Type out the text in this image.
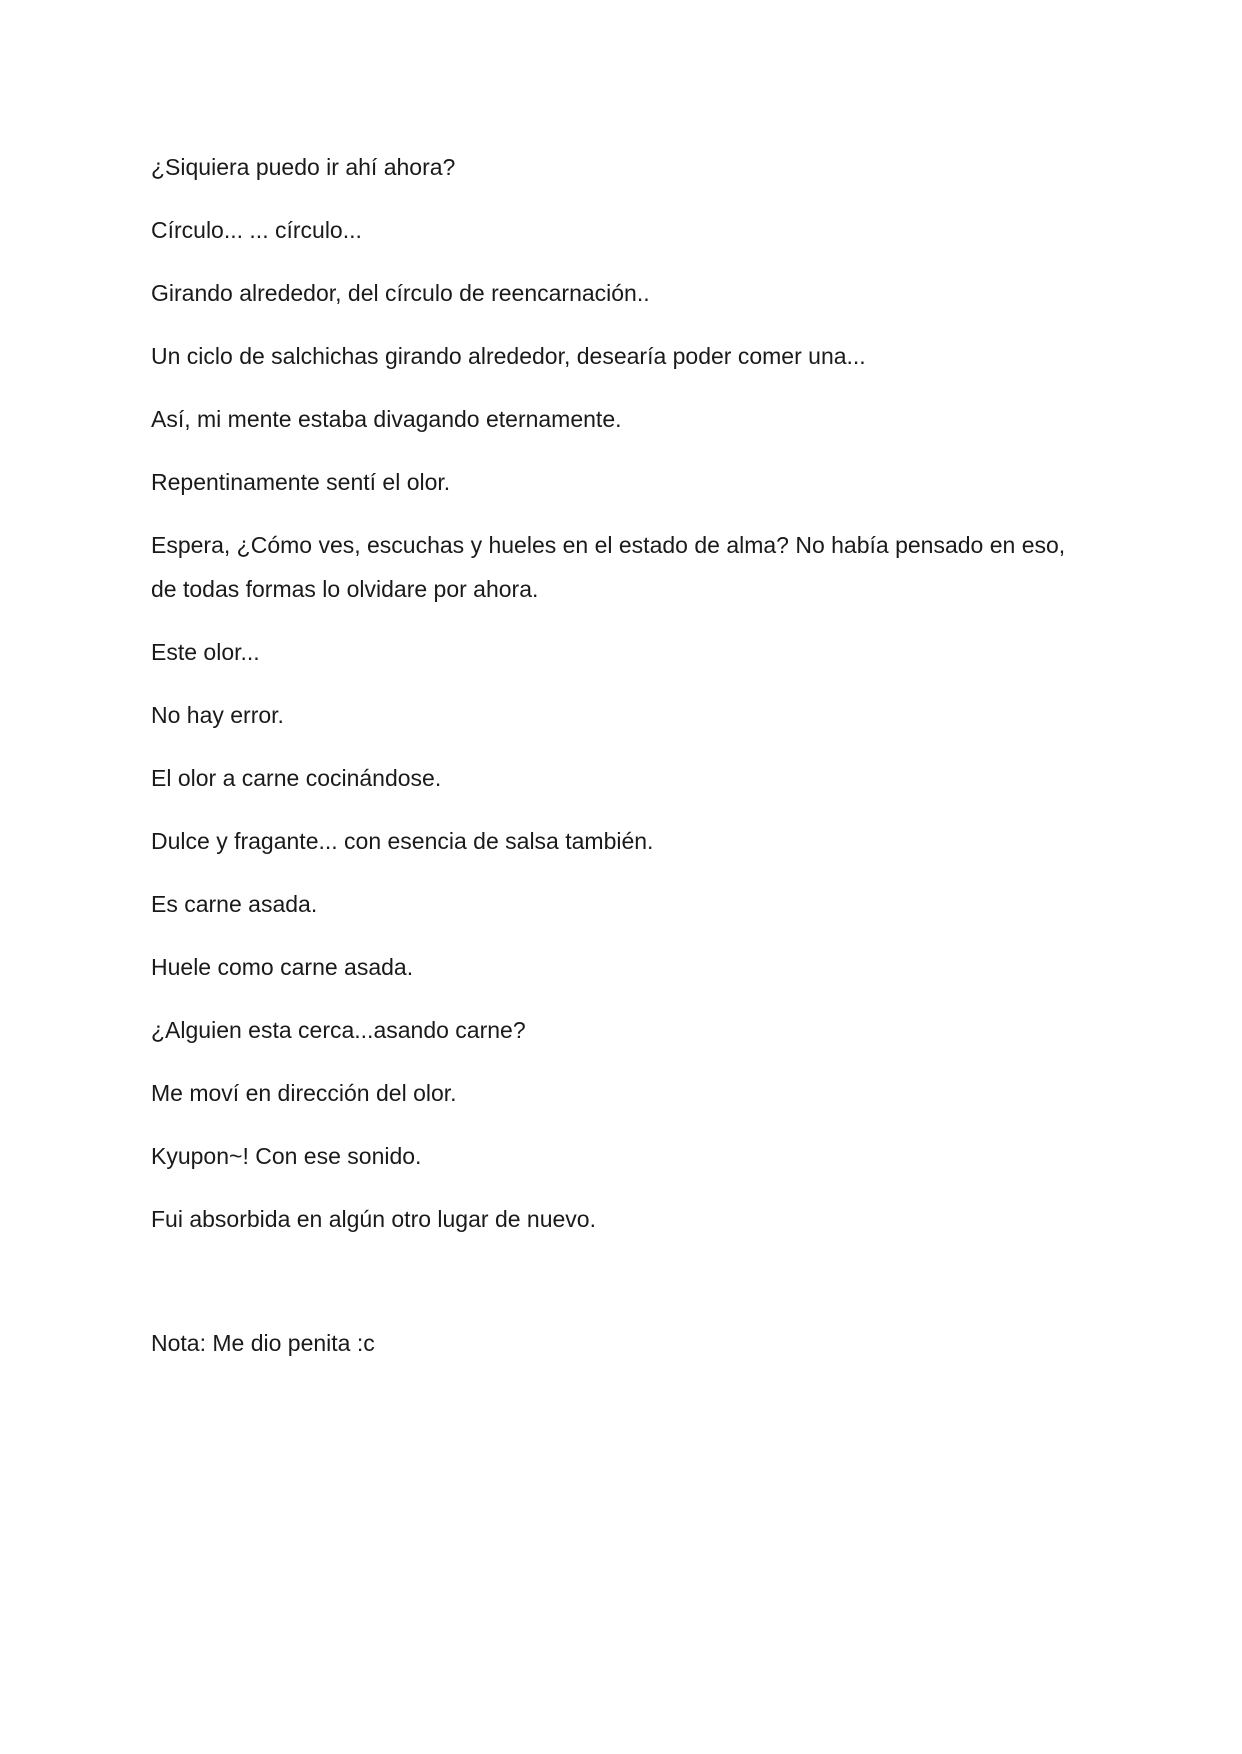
¿Siquiera puedo ir ahí ahora?

Círculo... ... círculo...

Girando alrededor, del círculo de reencarnación..

Un ciclo de salchichas girando alrededor, desearía poder comer una...

Así, mi mente estaba divagando eternamente.

Repentinamente sentí el olor.

Espera, ¿Cómo ves, escuchas y hueles en el estado de alma? No había pensado en eso, de todas formas lo olvidare por ahora.

Este olor...

No hay error.

El olor a carne cocinándose.

Dulce y fragante... con esencia de salsa también.

Es carne asada.

Huele como carne asada.

¿Alguien esta cerca...asando carne?

Me moví en dirección del olor.

Kyupon~! Con ese sonido.

Fui absorbida en algún otro lugar de nuevo.

Nota: Me dio penita :c
